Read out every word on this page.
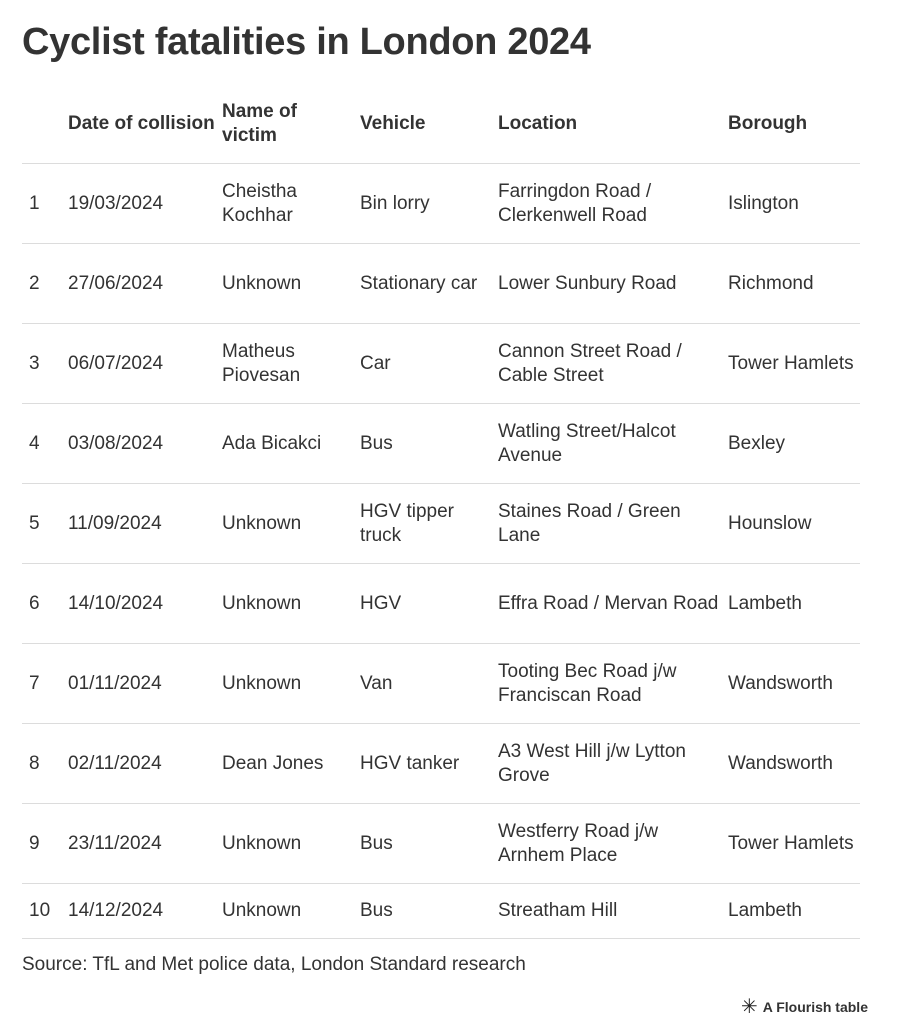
Cyclist fatalities in London 2024
	Date of collision	Name of victim	Vehicle	Location	Borough
1	19/03/2024	Cheistha Kochhar	Bin lorry	Farringdon Road / Clerkenwell Road	Islington
2	27/06/2024	Unknown	Stationary car	Lower Sunbury Road	Richmond
3	06/07/2024	Matheus Piovesan	Car	Cannon Street Road / Cable Street	Tower Hamlets
4	03/08/2024	Ada Bicakci	Bus	Watling Street/Halcot Avenue	Bexley
5	11/09/2024	Unknown	HGV tipper truck	Staines Road / Green Lane	Hounslow
6	14/10/2024	Unknown	HGV	Effra Road / Mervan Road	Lambeth
7	01/11/2024	Unknown	Van	Tooting Bec Road j/w Franciscan Road	Wandsworth
8	02/11/2024	Dean Jones	HGV tanker	A3 West Hill j/w Lytton Grove	Wandsworth
9	23/11/2024	Unknown	Bus	Westferry Road j/w Arnhem Place	Tower Hamlets
10	14/12/2024	Unknown	Bus	Streatham Hill	Lambeth

Source: TfL and Met police data, London Standard research

✳ A Flourish table
